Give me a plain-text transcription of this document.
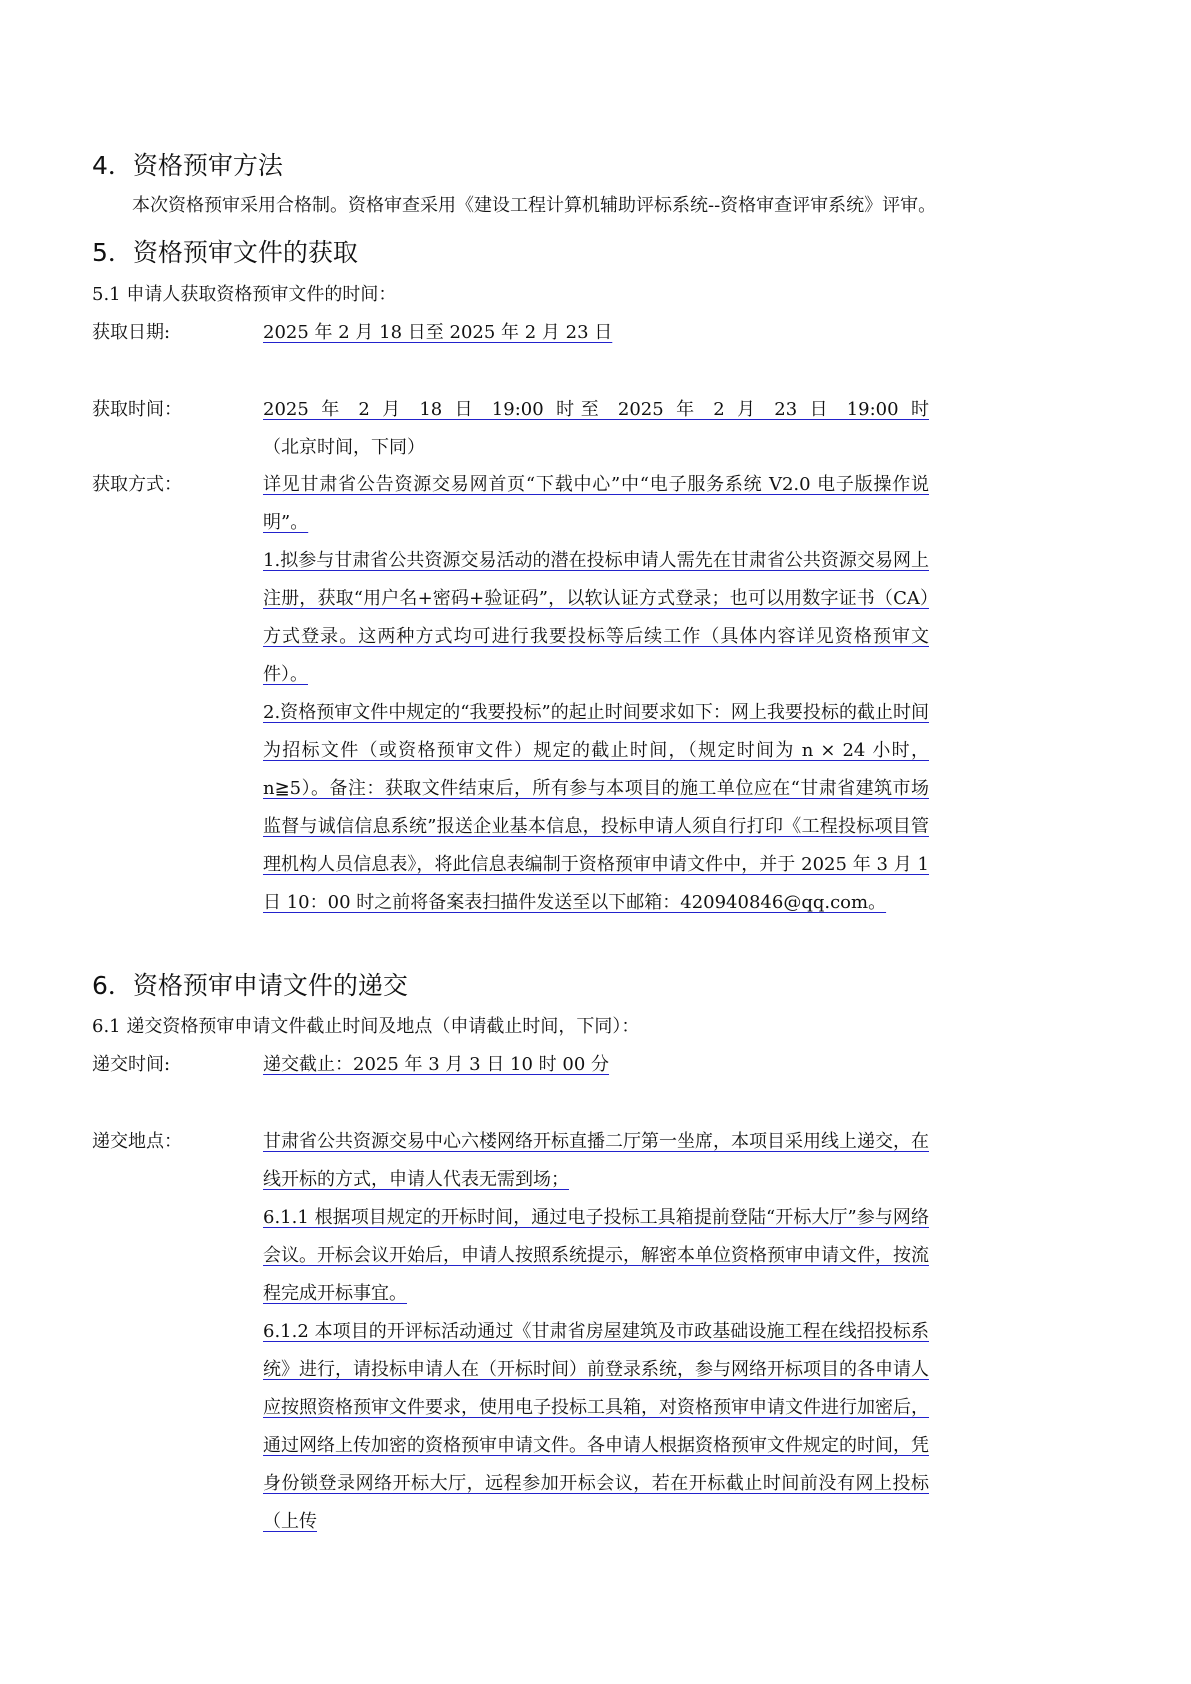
4．资格预审方法
本次资格预审采用合格制。资格审查采用《建设工程计算机辅助评标系统--资格审查评审系统》评审。
5．资格预审文件的获取
5.1 申请人获取资格预审文件的时间：
获取日期:	2025 年 2 月 18 日至 2025 年 2 月 23 日
获取时间：	2025 年 2 月 18 日 19:00 时至 2025 年 2 月 23 日 19:00 时（北京时间，下同）
获取方式：	详见甘肃省公告资源交易网首页“下载中心”中“电子服务系统 V2.0 电子版操作说明”。
1.拟参与甘肃省公共资源交易活动的潜在投标申请人需先在甘肃省公共资源交易网上注册，获取“用户名+密码+验证码”，以软认证方式登录；也可以用数字证书（CA）方式登录。这两种方式均可进行我要投标等后续工作（具体内容详见资格预审文件）。
2.资格预审文件中规定的“我要投标”的起止时间要求如下：网上我要投标的截止时间为招标文件（或资格预审文件）规定的截止时间，（规定时间为 n × 24 小时，n≧5）。备注：获取文件结束后，所有参与本项目的施工单位应在“甘肃省建筑市场监督与诚信信息系统”报送企业基本信息，投标申请人须自行打印《工程投标项目管理机构人员信息表》，将此信息表编制于资格预审申请文件中，并于 2025 年 3 月 1 日 10：00 时之前将备案表扫描件发送至以下邮箱：420940846@qq.com。
6．资格预审申请文件的递交
6.1 递交资格预审申请文件截止时间及地点（申请截止时间，下同）：
递交时间:	递交截止：2025 年 3 月 3 日 10 时 00 分
递交地点：	甘肃省公共资源交易中心六楼网络开标直播二厅第一坐席，本项目采用线上递交，在线开标的方式，申请人代表无需到场；
6.1.1 根据项目规定的开标时间，通过电子投标工具箱提前登陆“开标大厅”参与网络会议。开标会议开始后，申请人按照系统提示，解密本单位资格预审申请文件，按流程完成开标事宜。
6.1.2 本项目的开评标活动通过《甘肃省房屋建筑及市政基础设施工程在线招投标系统》进行，请投标申请人在（开标时间）前登录系统，参与网络开标项目的各申请人应按照资格预审文件要求，使用电子投标工具箱，对资格预审申请文件进行加密后，通过网络上传加密的资格预审申请文件。各申请人根据资格预审文件规定的时间，凭身份锁登录网络开标大厅，远程参加开标会议，若在开标截止时间前没有网上投标（上传
